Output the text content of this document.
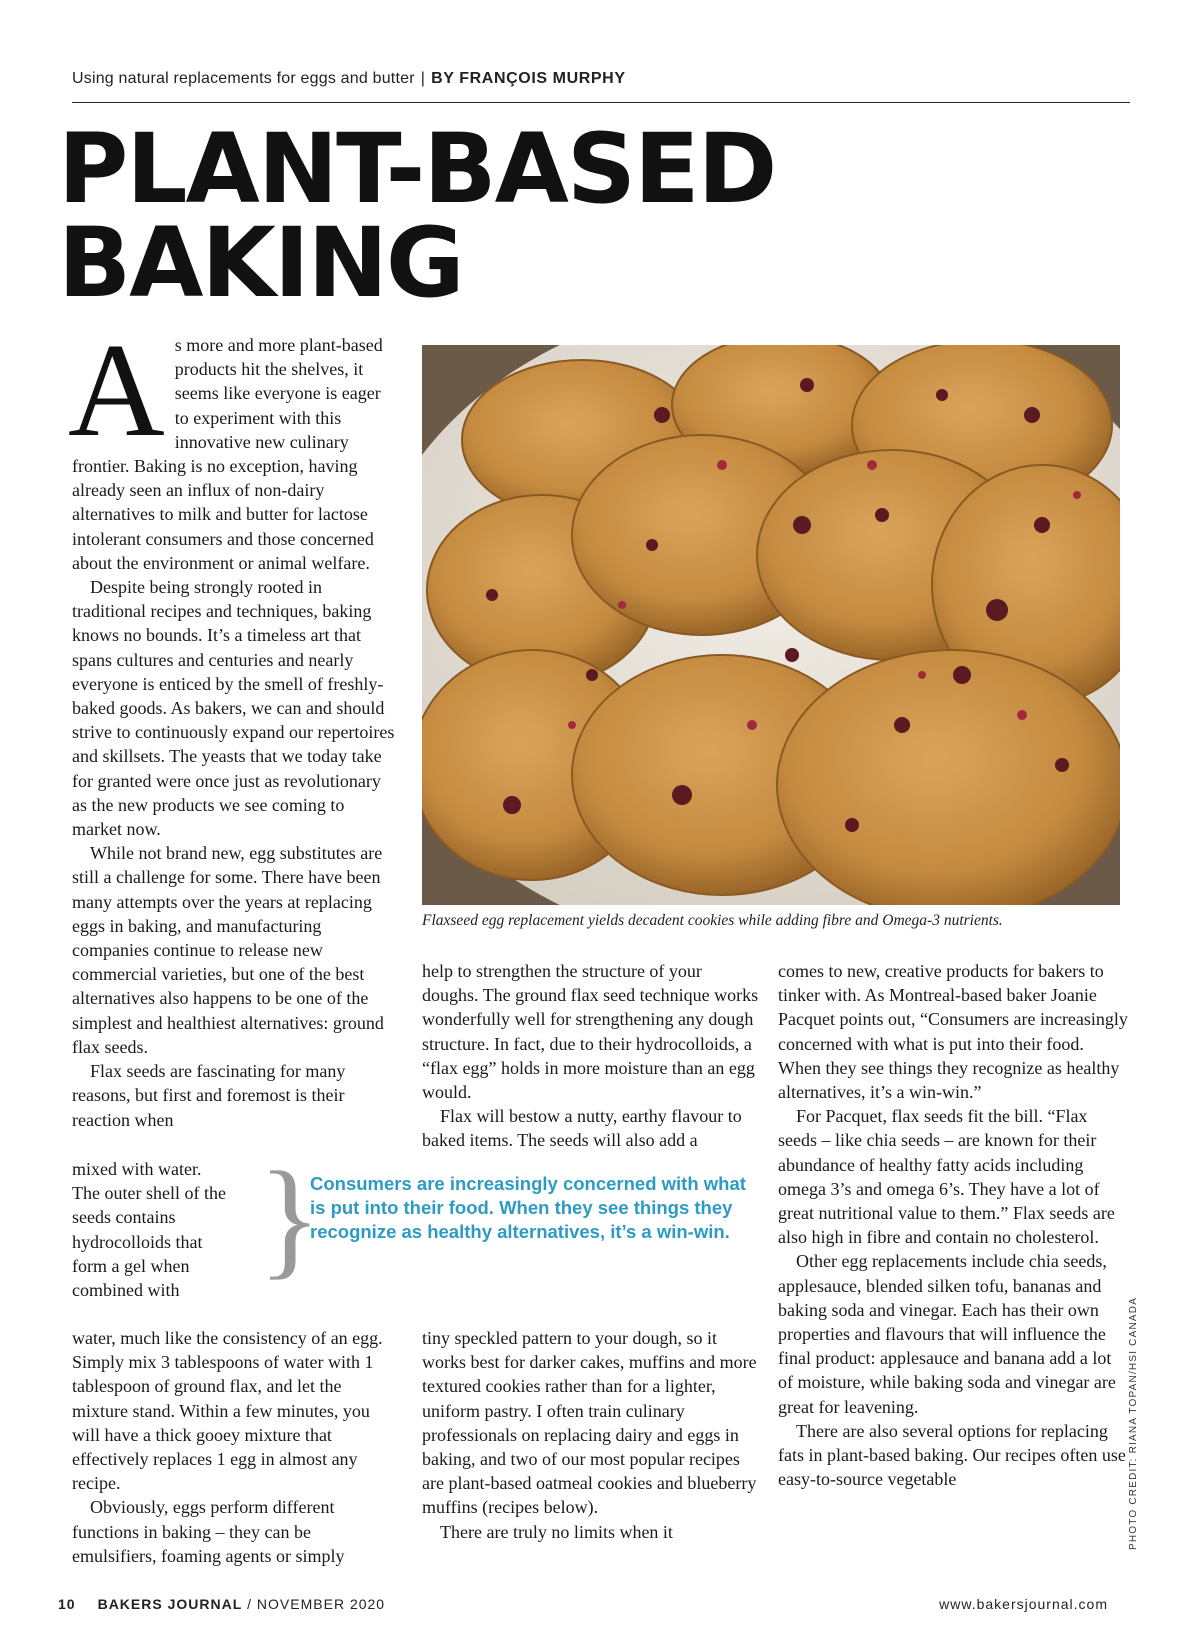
Using natural replacements for eggs and butter | BY FRANÇOIS MURPHY
PLANT-BASED
BAKING
A s more and more plant-based products hit the shelves, it seems like everyone is eager to experiment with this innovative new culinary frontier. Baking is no exception, having already seen an influx of non-dairy alternatives to milk and butter for lactose intolerant consumers and those concerned about the environment or animal welfare.

Despite being strongly rooted in traditional recipes and techniques, baking knows no bounds. It’s a timeless art that spans cultures and centuries and nearly everyone is enticed by the smell of freshly-baked goods. As bakers, we can and should strive to continuously expand our repertoires and skillsets. The yeasts that we today take for granted were once just as revolutionary as the new products we see coming to market now.

While not brand new, egg substitutes are still a challenge for some. There have been many attempts over the years at replacing eggs in baking, and manufacturing companies continue to release new commercial varieties, but one of the best alternatives also happens to be one of the simplest and healthiest alternatives: ground flax seeds.

Flax seeds are fascinating for many reasons, but first and foremost is their reaction when

mixed with water. The outer shell of the seeds contains hydrocolloids that form a gel when combined with

water, much like the consistency of an egg. Simply mix 3 tablespoons of water with 1 tablespoon of ground flax, and let the mixture stand. Within a few minutes, you will have a thick gooey mixture that effectively replaces 1 egg in almost any recipe.

Obviously, eggs perform different functions in baking – they can be emulsifiers, foaming agents or simply

Flaxseed egg replacement yields decadent cookies while adding fibre and Omega-3 nutrients.

help to strengthen the structure of your doughs. The ground flax seed technique works wonderfully well for strengthening any dough structure. In fact, due to their hydrocolloids, a “flax egg” holds in more moisture than an egg would.

Flax will bestow a nutty, earthy flavour to baked items. The seeds will also add a

}
Consumers are increasingly concerned with what is put into their food. When they see things they recognize as healthy alternatives, it’s a win-win.

tiny speckled pattern to your dough, so it works best for darker cakes, muffins and more textured cookies rather than for a lighter, uniform pastry. I often train culinary professionals on replacing dairy and eggs in baking, and two of our most popular recipes are plant-based oatmeal cookies and blueberry muffins (recipes below).

There are truly no limits when it

comes to new, creative products for bakers to tinker with. As Montreal-based baker Joanie Pacquet points out, “Consumers are increasingly concerned with what is put into their food. When they see things they recognize as healthy alternatives, it’s a win-win.”

For Pacquet, flax seeds fit the bill. “Flax seeds – like chia seeds – are known for their abundance of healthy fatty acids including omega 3’s and omega 6’s. They have a lot of great nutritional value to them.” Flax seeds are also high in fibre and contain no cholesterol.

Other egg replacements include chia seeds, applesauce, blended silken tofu, bananas and baking soda and vinegar. Each has their own properties and flavours that will influence the final product: applesauce and banana add a lot of moisture, while baking soda and vinegar are great for leavening.

There are also several options for replacing fats in plant-based baking. Our recipes often use easy-to-source vegetable	PHOTO CREDIT: RIANA TOPAN/HSI CANADA
10 BAKERS JOURNAL / NOVEMBER 2020	www.bakersjournal.com
